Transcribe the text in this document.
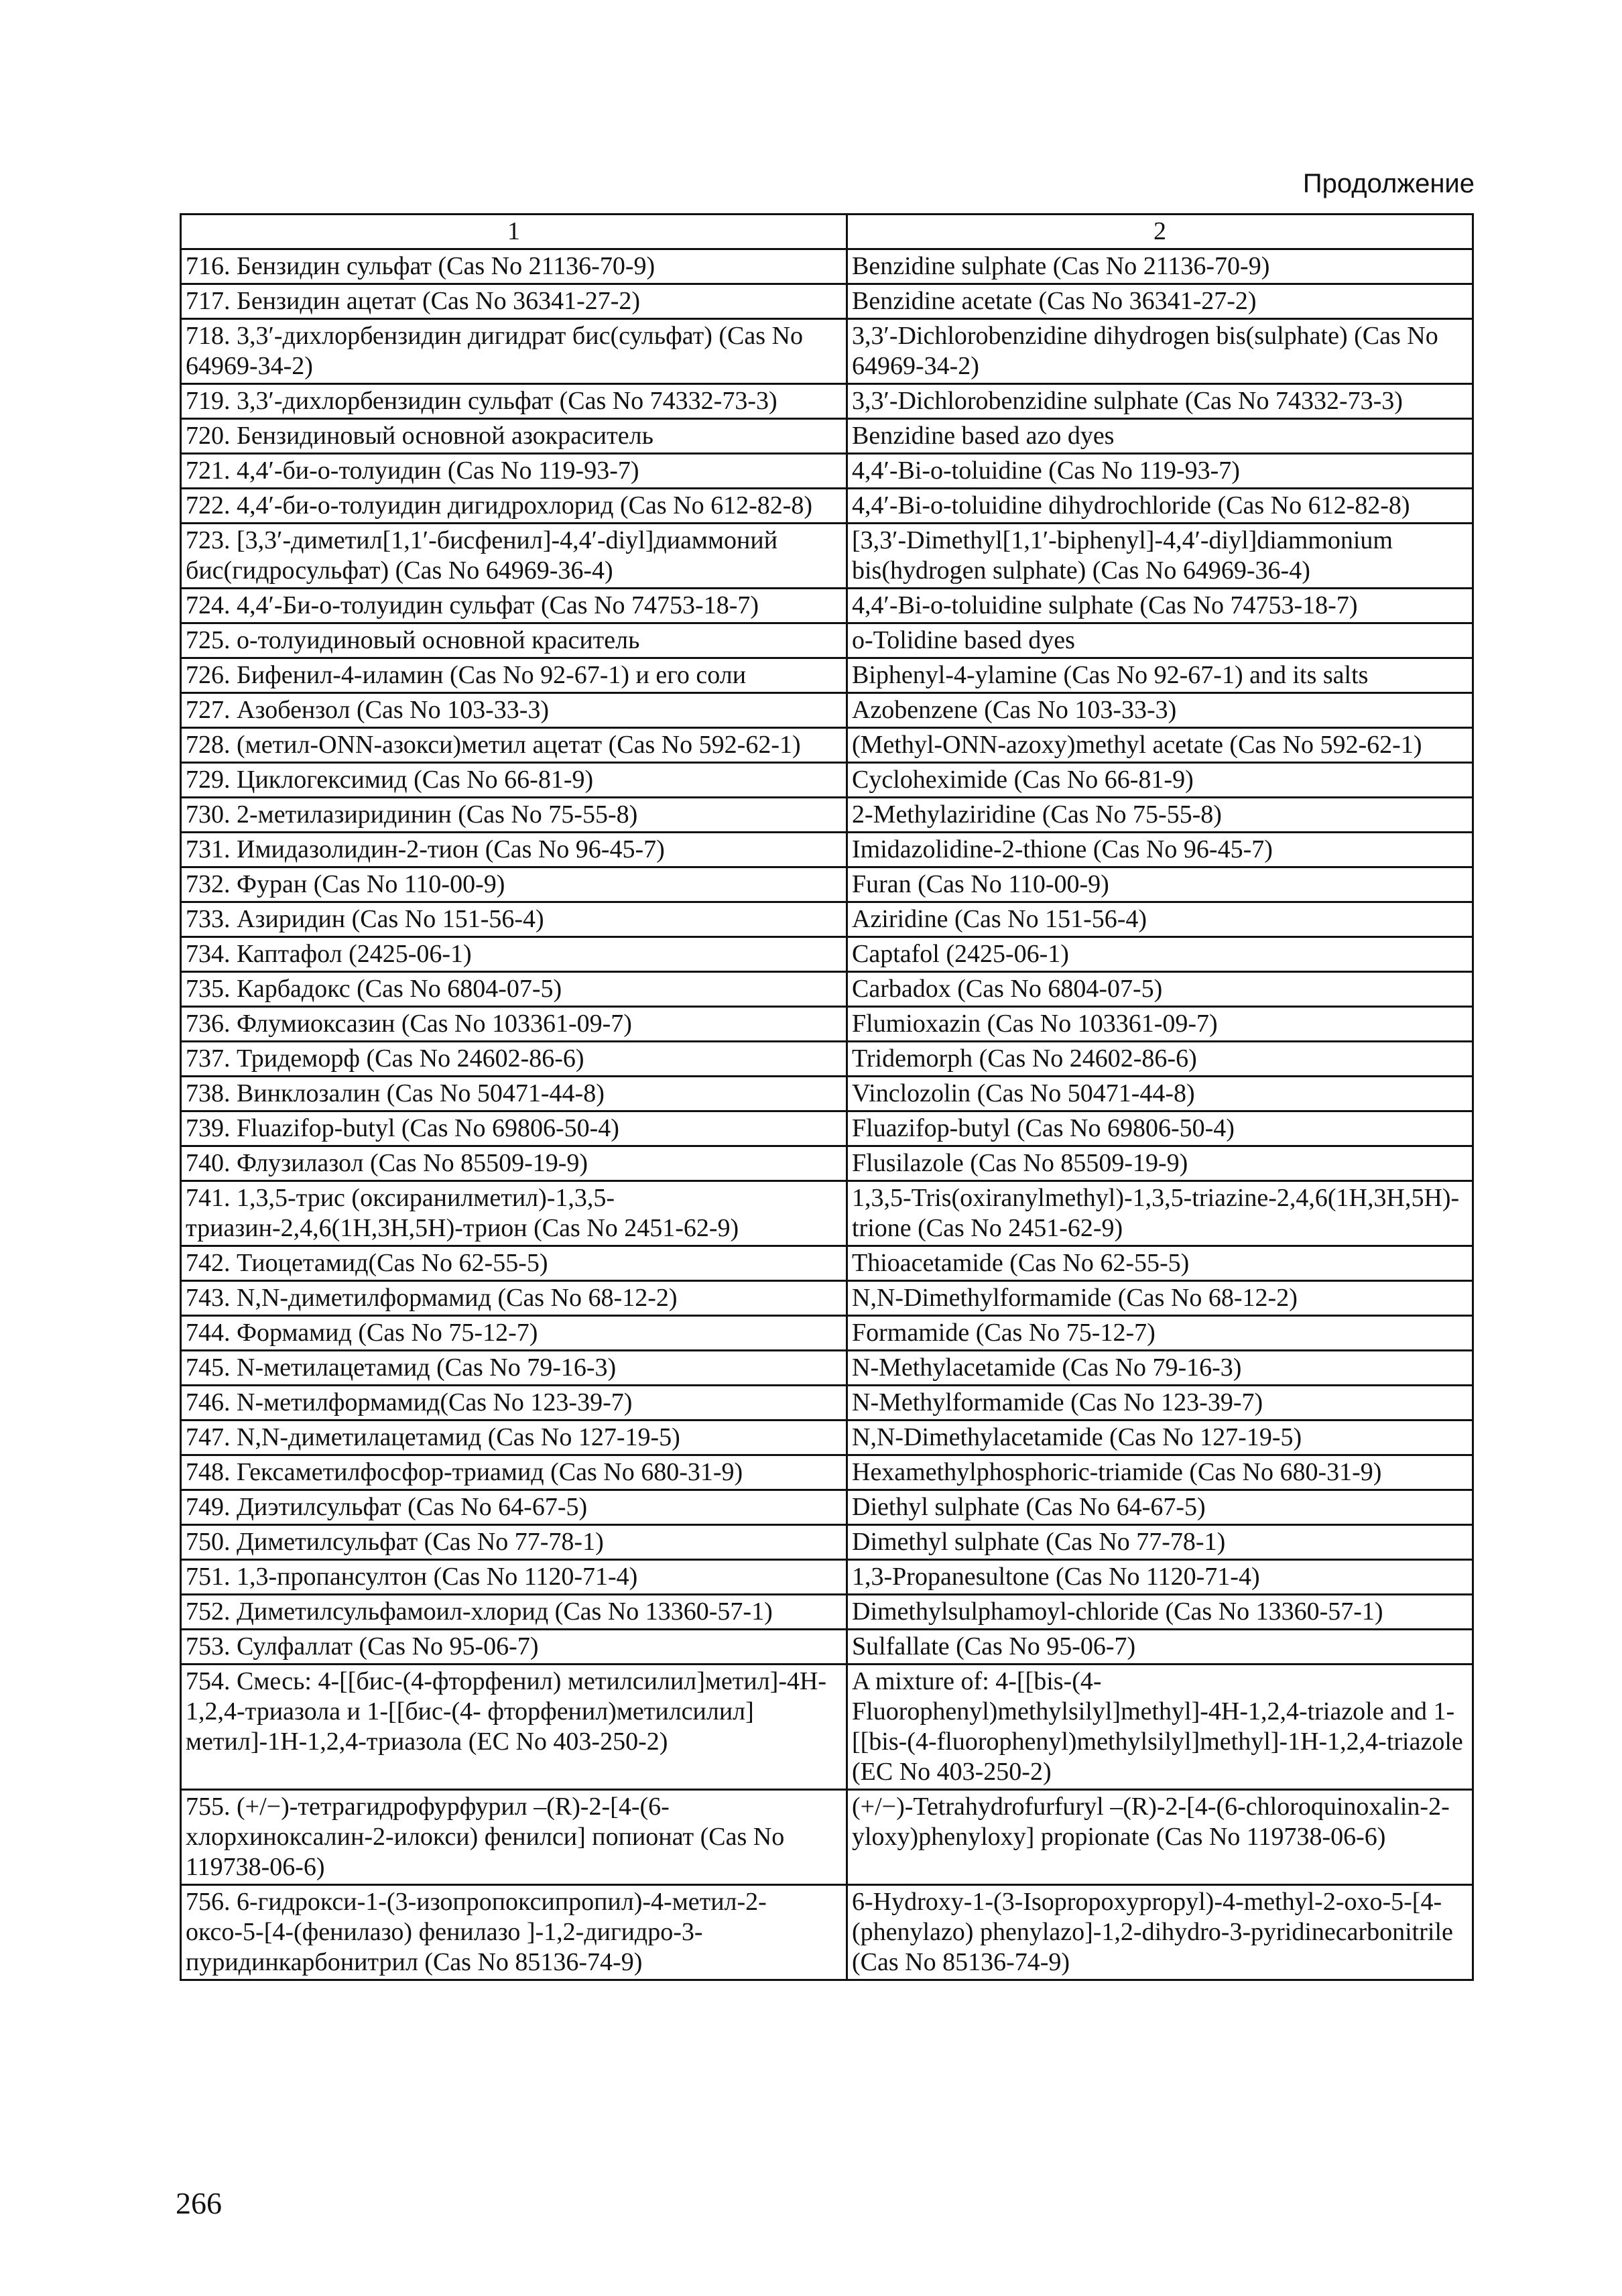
Продолжение
1	2
716. Бензидин сульфат (Cas No 21136-70-9)	Benzidine sulphate (Cas No 21136-70-9)
717. Бензидин ацетат (Cas No 36341-27-2)	Benzidine acetate (Cas No 36341-27-2)
718. 3,3′-дихлорбензидин дигидрат бис(сульфат) (Cas No 64969-34-2)	3,3′-Dichlorobenzidine dihydrogen bis(sulphate) (Cas No 64969-34-2)
719. 3,3′-дихлорбензидин сульфат (Cas No 74332-73-3)	3,3′-Dichlorobenzidine sulphate (Cas No 74332-73-3)
720. Бензидиновый основной азокраситель	Benzidine based azo dyes
721. 4,4′-би-о-толуидин (Cas No 119-93-7)	4,4′-Bi-o-toluidine (Cas No 119-93-7)
722. 4,4′-би-о-толуидин дигидрохлорид (Cas No 612-82-8)	4,4′-Bi-o-toluidine dihydrochloride (Cas No 612-82-8)
723. [3,3′-диметил[1,1′-бисфенил]-4,4′-diyl]диаммоний бис(гидросульфат) (Cas No 64969-36-4)	[3,3′-Dimethyl[1,1′-biphenyl]-4,4′-diyl]diammonium bis(hydrogen sulphate) (Cas No 64969-36-4)
724. 4,4′-Би-о-толуидин сульфат (Cas No 74753-18-7)	4,4′-Bi-o-toluidine sulphate (Cas No 74753-18-7)
725. о-толуидиновый основной краситель	o-Tolidine based dyes
726. Бифенил-4-иламин (Cas No 92-67-1) и его соли	Biphenyl-4-ylamine (Cas No 92-67-1) and its salts
727. Азобензол (Cas No 103-33-3)	Azobenzene (Cas No 103-33-3)
728. (метил-ONN-азокси)метил ацетат (Cas No 592-62-1)	(Methyl-ONN-azoxy)methyl acetate (Cas No 592-62-1)
729. Циклогексимид (Cas No 66-81-9)	Cycloheximide (Cas No 66-81-9)
730. 2-метилазиридинин (Cas No 75-55-8)	2-Methylaziridine (Cas No 75-55-8)
731. Имидазолидин-2-тион (Cas No 96-45-7)	Imidazolidine-2-thione (Cas No 96-45-7)
732. Фуран (Cas No 110-00-9)	Furan (Cas No 110-00-9)
733. Азиридин (Cas No 151-56-4)	Aziridine (Cas No 151-56-4)
734. Каптафол (2425-06-1)	Captafol (2425-06-1)
735. Карбадокс (Cas No 6804-07-5)	Carbadox (Cas No 6804-07-5)
736. Флумиоксазин (Cas No 103361-09-7)	Flumioxazin (Cas No 103361-09-7)
737. Тридеморф (Cas No 24602-86-6)	Tridemorph (Cas No 24602-86-6)
738. Винклозалин (Cas No 50471-44-8)	Vinclozolin (Cas No 50471-44-8)
739. Fluazifop-butyl (Cas No 69806-50-4)	Fluazifop-butyl (Cas No 69806-50-4)
740. Флузилазол (Cas No 85509-19-9)	Flusilazole (Cas No 85509-19-9)
741. 1,3,5-трис (оксиранилметил)-1,3,5-триазин-2,4,6(1H,3H,5H)-трион (Cas No 2451-62-9)	1,3,5-Tris(oxiranylmethyl)-1,3,5-triazine-2,4,6(1H,3H,5H)-trione (Cas No 2451-62-9)
742. Тиоцетамид(Cas No 62-55-5)	Thioacetamide (Cas No 62-55-5)
743. N,N-диметилформамид (Cas No 68-12-2)	N,N-Dimethylformamide (Cas No 68-12-2)
744. Формамид (Cas No 75-12-7)	Formamide (Cas No 75-12-7)
745. N-метилацетамид (Cas No 79-16-3)	N-Methylacetamide (Cas No 79-16-3)
746. N-метилформамид(Cas No 123-39-7)	N-Methylformamide (Cas No 123-39-7)
747. N,N-диметилацетамид (Cas No 127-19-5)	N,N-Dimethylacetamide (Cas No 127-19-5)
748. Гексаметилфосфор-триамид (Cas No 680-31-9)	Hexamethylphosphoric-triamide (Cas No 680-31-9)
749. Диэтилсульфат (Cas No 64-67-5)	Diethyl sulphate (Cas No 64-67-5)
750. Диметилсульфат (Cas No 77-78-1)	Dimethyl sulphate (Cas No 77-78-1)
751. 1,3-пропансултон (Cas No 1120-71-4)	1,3-Propanesultone (Cas No 1120-71-4)
752. Диметилсульфамоил-хлорид (Cas No 13360-57-1)	Dimethylsulphamoyl-chloride (Cas No 13360-57-1)
753. Сулфаллат (Cas No 95-06-7)	Sulfallate (Cas No 95-06-7)
754. Смесь: 4-[[бис-(4-фторфенил) метилсилил]метил]-4H-1,2,4-триазола и 1-[[бис-(4- фторфенил)метилсилил] метил]-1H-1,2,4-триазола (EC No 403-250-2)	A mixture of: 4-[[bis-(4-Fluorophenyl)methylsilyl]methyl]-4H-1,2,4-triazole and 1-[[bis-(4-fluorophenyl)methylsilyl]methyl]-1H-1,2,4-triazole (EC No 403-250-2)
755. (+/−)-тетрагидрофурфурил –(R)-2-[4-(6-хлорхиноксалин-2-илокси) фенилси] попионат (Cas No 119738-06-6)	(+/−)-Tetrahydrofurfuryl –(R)-2-[4-(6-chloroquinoxalin-2-yloxy)phenyloxy] propionate (Cas No 119738-06-6)
756. 6-гидрокси-1-(3-изопропоксипропил)-4-метил-2-оксо-5-[4-(фенилазо) фенилазо ]-1,2-дигидро-3-пуридинкарбонитрил (Cas No 85136-74-9)	6-Hydroxy-1-(3-Isopropoxypropyl)-4-methyl-2-oxo-5-[4-(phenylazo) phenylazo]-1,2-dihydro-3-pyridinecarbonitrile (Cas No 85136-74-9)
266
